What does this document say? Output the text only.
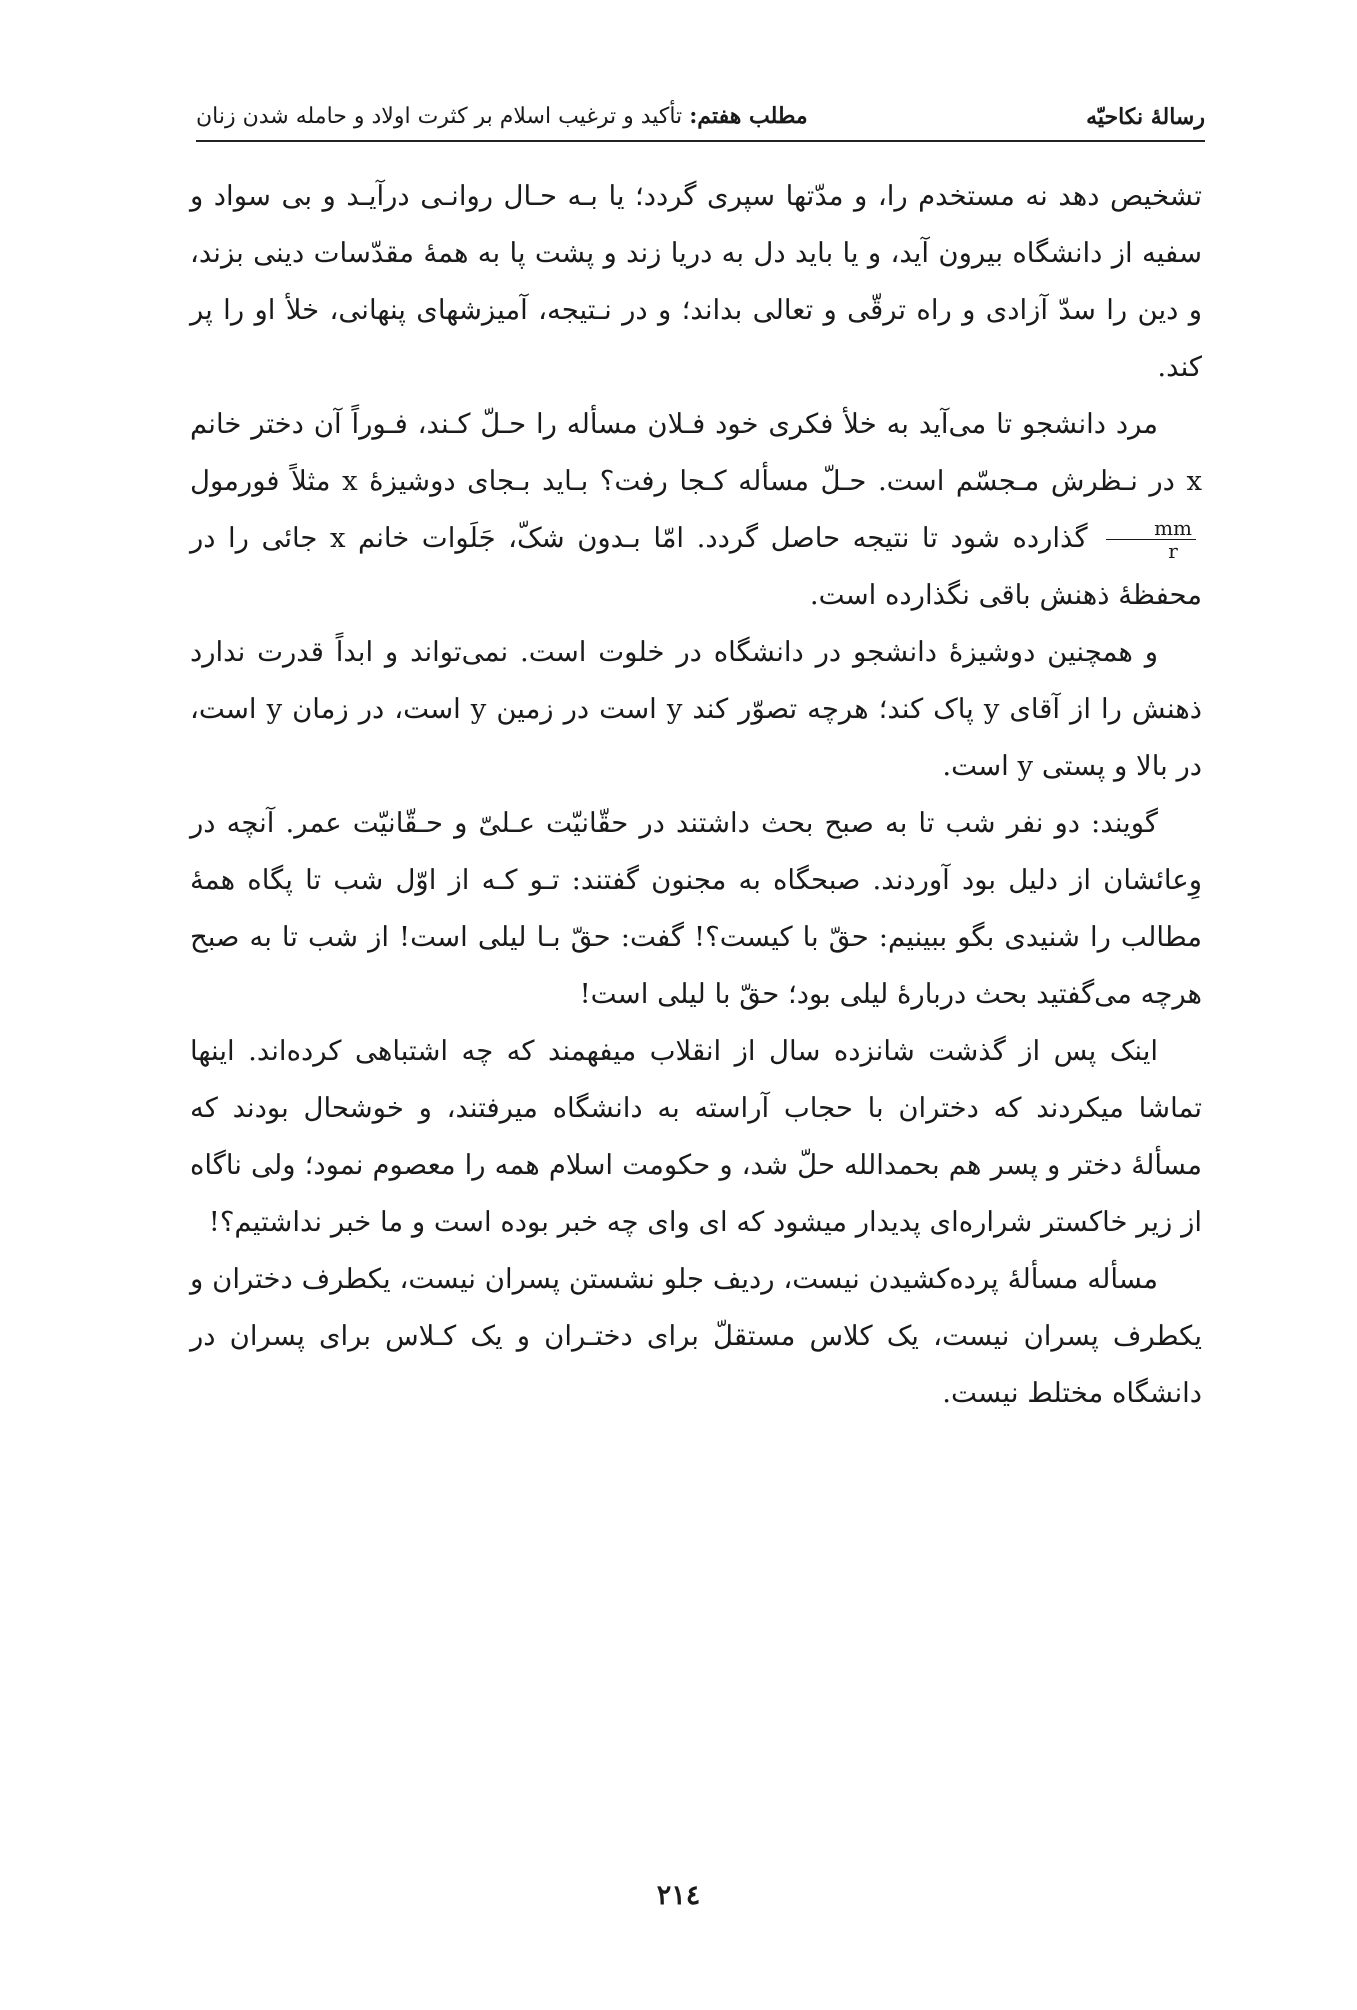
رسالۀ نکاحیّه
مطلب هفتم: تأکید و ترغیب اسلام بر کثرت اولاد و حامله شدن زنان

تشخیص دهد نه مستخدم را، و مدّتها سپری گردد؛ یا بـه حـال روانـی درآیـد و بی سواد و سفیه از دانشگاه بیرون آید، و یا باید دل به دریا زند و پشت پا به همۀ مقدّسات دینی بزند، و دین را سدّ آزادی و راه ترقّی و تعالی بداند؛ و در نـتیجه، آمیزشهای پنهانی، خلأ او را پر کند.

مرد دانشجو تا می‌آید به خلأ فکری خود فـلان مسأله را حـلّ کـند، فـوراً آن دختر خانم x در نـظرش مـجسّم است. حـلّ مسأله کـجا رفت؟ بـاید بـجای دوشیزۀ x مثلاً فورمول
$\frac{mm}{r}$
گذارده شود تا نتیجه حاصل گردد. امّا بـدون شکّ، جَلَوات خانم x جائی را در محفظۀ ذهنش باقی نگذارده است.

و همچنین دوشیزۀ دانشجو در دانشگاه در خلوت است. نمی‌تواند و ابداً قدرت ندارد ذهنش را از آقای y پاک کند؛ هرچه تصوّر کند y است در زمین y است، در زمان y است، در بالا و پستی y است.

گویند: دو نفر شب تا به صبح بحث داشتند در حقّانیّت عـلیّ و حـقّانیّت عمر. آنچه در وِعائشان از دلیل بود آوردند. صبحگاه به مجنون گفتند: تـو کـه از اوّل شب تا پگاه همۀ مطالب را شنیدی بگو ببینیم: حقّ با کیست؟! گفت: حقّ بـا لیلی است! از شب تا به صبح هرچه می‌گفتید بحث دربارۀ لیلی بود؛ حقّ با لیلی است!

اینک پس از گذشت شانزده سال از انقلاب میفهمند که چه اشتباهی کرده‌اند. اینها تماشا میکردند که دختران با حجاب آراسته به دانشگاه میرفتند، و خوشحال بودند که مسألۀ دختر و پسر هم بحمدالله حلّ شد، و حکومت اسلام همه را معصوم نمود؛ ولی ناگاه از زیر خاکستر شراره‌ای پدیدار میشود که ای وای چه خبر بوده است و ما خبر نداشتیم؟!

مسأله مسألۀ پرده‌کشیدن نیست، ردیف جلو نشستن پسران نیست، یکطرف دختران و یکطرف پسران نیست، یک کلاس مستقلّ برای دختـران و یک کـلاس برای پسران در دانشگاه مختلط نیست.

۲۱٤
